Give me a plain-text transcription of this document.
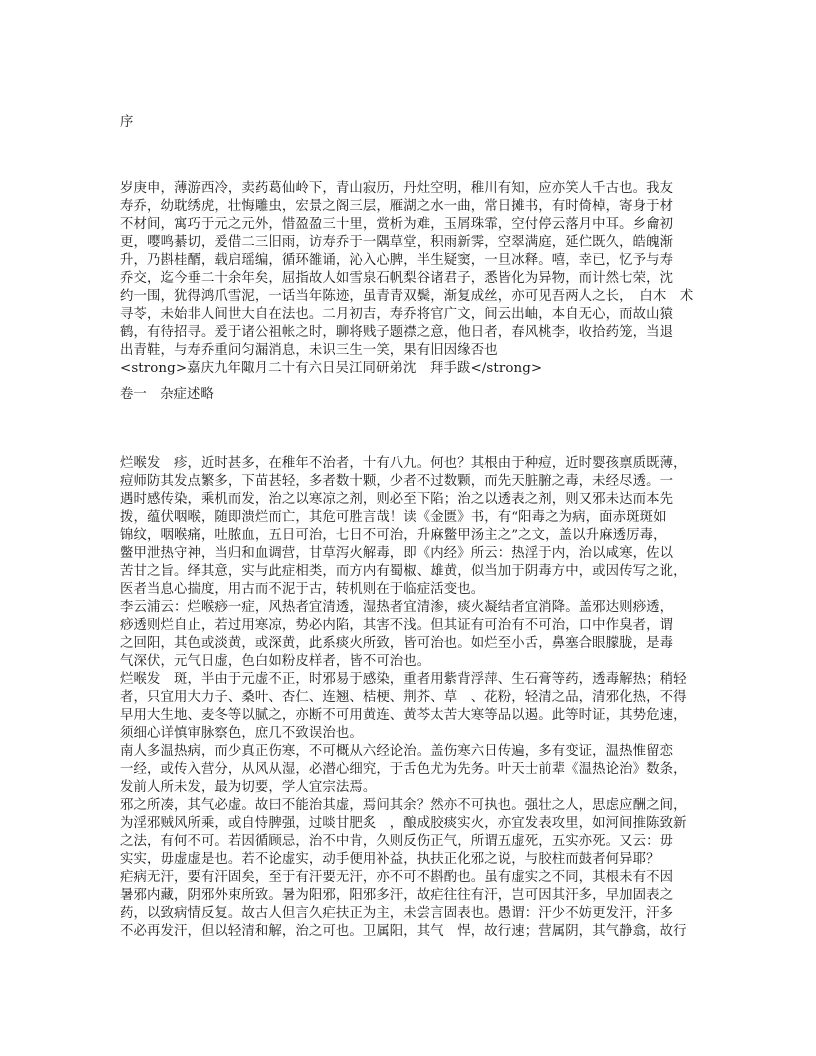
序
岁庚申，薄游西冷，卖药葛仙岭下，青山寂历，丹灶空明，稚川有知，应亦笑人千古也。我友
寿乔，幼耽绣虎，壮悔雕虫，宏景之阁三层，雁湖之水一曲，常日摊书，有时倚棹，寄身于材
不材间，寓巧于元之元外，惜盈盈三十里，赏析为难，玉屑珠霏，空付停云落月中耳。乡龠初
更，嘤鸣綦切，爰借二三旧雨，访寿乔于一隅草堂，积雨新霁，空翠满庭，延伫既久，皓魄渐
升，乃斟桂醑，载启瑶编，循环雒诵，沁入心脾，半生疑窦，一旦冰释。嘻，幸已，忆予与寿
乔交，迄今垂二十余年矣，屈指故人如雪泉石帆梨谷诸君子，悉皆化为异物，而计然七荣，沈
约一围，犹得鸿爪雪泥，一话当年陈迹，虽青青双鬓，渐复成丝，亦可见吾两人之长，　白木　术
寻苓，未始非人间世大自在法也。二月初吉，寿乔将官广文，间云出岫，本自无心，而故山猿
鹤，有待招寻。爰于诸公祖帐之时，聊将贱子题襟之意，他日者，春风桃李，收拾药笼，当退
出青鞋，与寿乔重问匀漏消息，未识三生一笑，果有旧因缘否也
<strong>嘉庆九年陬月二十有六日吴江同研弟沈　拜手跋</strong>
卷一　杂症述略
烂喉发　疹，近时甚多，在稚年不治者，十有八九。何也？其根由于种痘，近时婴孩禀质既薄，
痘师防其发点繁多，下苗甚轻，多者数十颗，少者不过数颗，而先天脏腑之毒，未经尽透。一
遇时感传染，乘机而发，治之以寒凉之剂，则必至下陷；治之以透表之剂，则又邪未达而本先
拨，蕴伏咽喉，随即溃烂而亡，其危可胜言哉！读《金匮》书，有“阳毒之为病，面赤斑斑如
锦纹，咽喉痛，吐脓血，五日可治，七日不可治，升麻鳖甲汤主之”之文，盖以升麻透厉毒，
鳖甲泄热守神，当归和血调营，甘草泻火解毒，即《内经》所云：热淫于内，治以咸寒，佐以
苦甘之旨。绎其意，实与此症相类，而方内有蜀椒、雄黄，似当加于阴毒方中，或因传写之讹，
医者当息心揣度，用古而不泥于古，转机则在于临症活变也。
李云浦云：烂喉痧一症，风热者宜清透，湿热者宜清渗，痰火凝结者宜消降。盖邪达则痧透，
痧透则烂自止，若过用寒凉，势必内陷，其害不浅。但其证有可治有不可治，口中作臭者，谓
之回阳，其色或淡黄，或深黄，此系痰火所致，皆可治也。如烂至小舌，鼻塞合眼朦胧，是毒
气深伏，元气日虚，色白如粉皮样者，皆不可治也。
烂喉发　斑，半由于元虚不正，时邪易于感染，重者用紫背浮萍、生石膏等药，透毒解热；稍轻
者，只宜用大力子、桑叶、杏仁、连翘、桔梗、荆芥、草　、花粉，轻清之品，清邪化热，不得
早用大生地、麦冬等以腻之，亦断不可用黄连、黄芩太苦大寒等品以遏。此等时证，其势危速，
须细心详慎审脉察色，庶几不致误治也。
南人多温热病，而少真正伤寒，不可概从六经论治。盖伤寒六日传遍，多有变证，温热惟留恋
一经，或传入营分，从风从湿，必潜心细究，于舌色尤为先务。叶天士前辈《温热论治》数条，
发前人所未发，最为切要，学人宜宗法焉。
邪之所凑，其气必虚。故曰不能治其虚，焉问其余？然亦不可执也。强壮之人，思虑应酬之间，
为淫邪贼风所乘，或自恃脾强，过啖甘肥炙　，酿成胶痰实火，亦宜发表攻里，如河间推陈致新
之法，有何不可。若因循顾忌，治不中肯，久则反伤正气，所谓五虚死，五实亦死。又云：毋
实实，毋虚虚是也。若不论虚实，动手便用补益，执扶正化邪之说，与胶柱而鼓者何异耶？
疟病无汗，要有汗固矣，至于有汗要无汗，亦不可不斟酌也。虽有虚实之不同，其根未有不因
暑邪内藏，阴邪外束所致。暑为阳邪，阳邪多汗，故疟往往有汗，岂可因其汗多，早加固表之
药，以致病情反复。故古人但言久疟扶正为主，未尝言固表也。愚谓：汗少不妨更发汗，汗多
不必再发汗，但以轻清和解，治之可也。卫属阳，其气　悍，故行速；营属阴，其气静翕，故行
